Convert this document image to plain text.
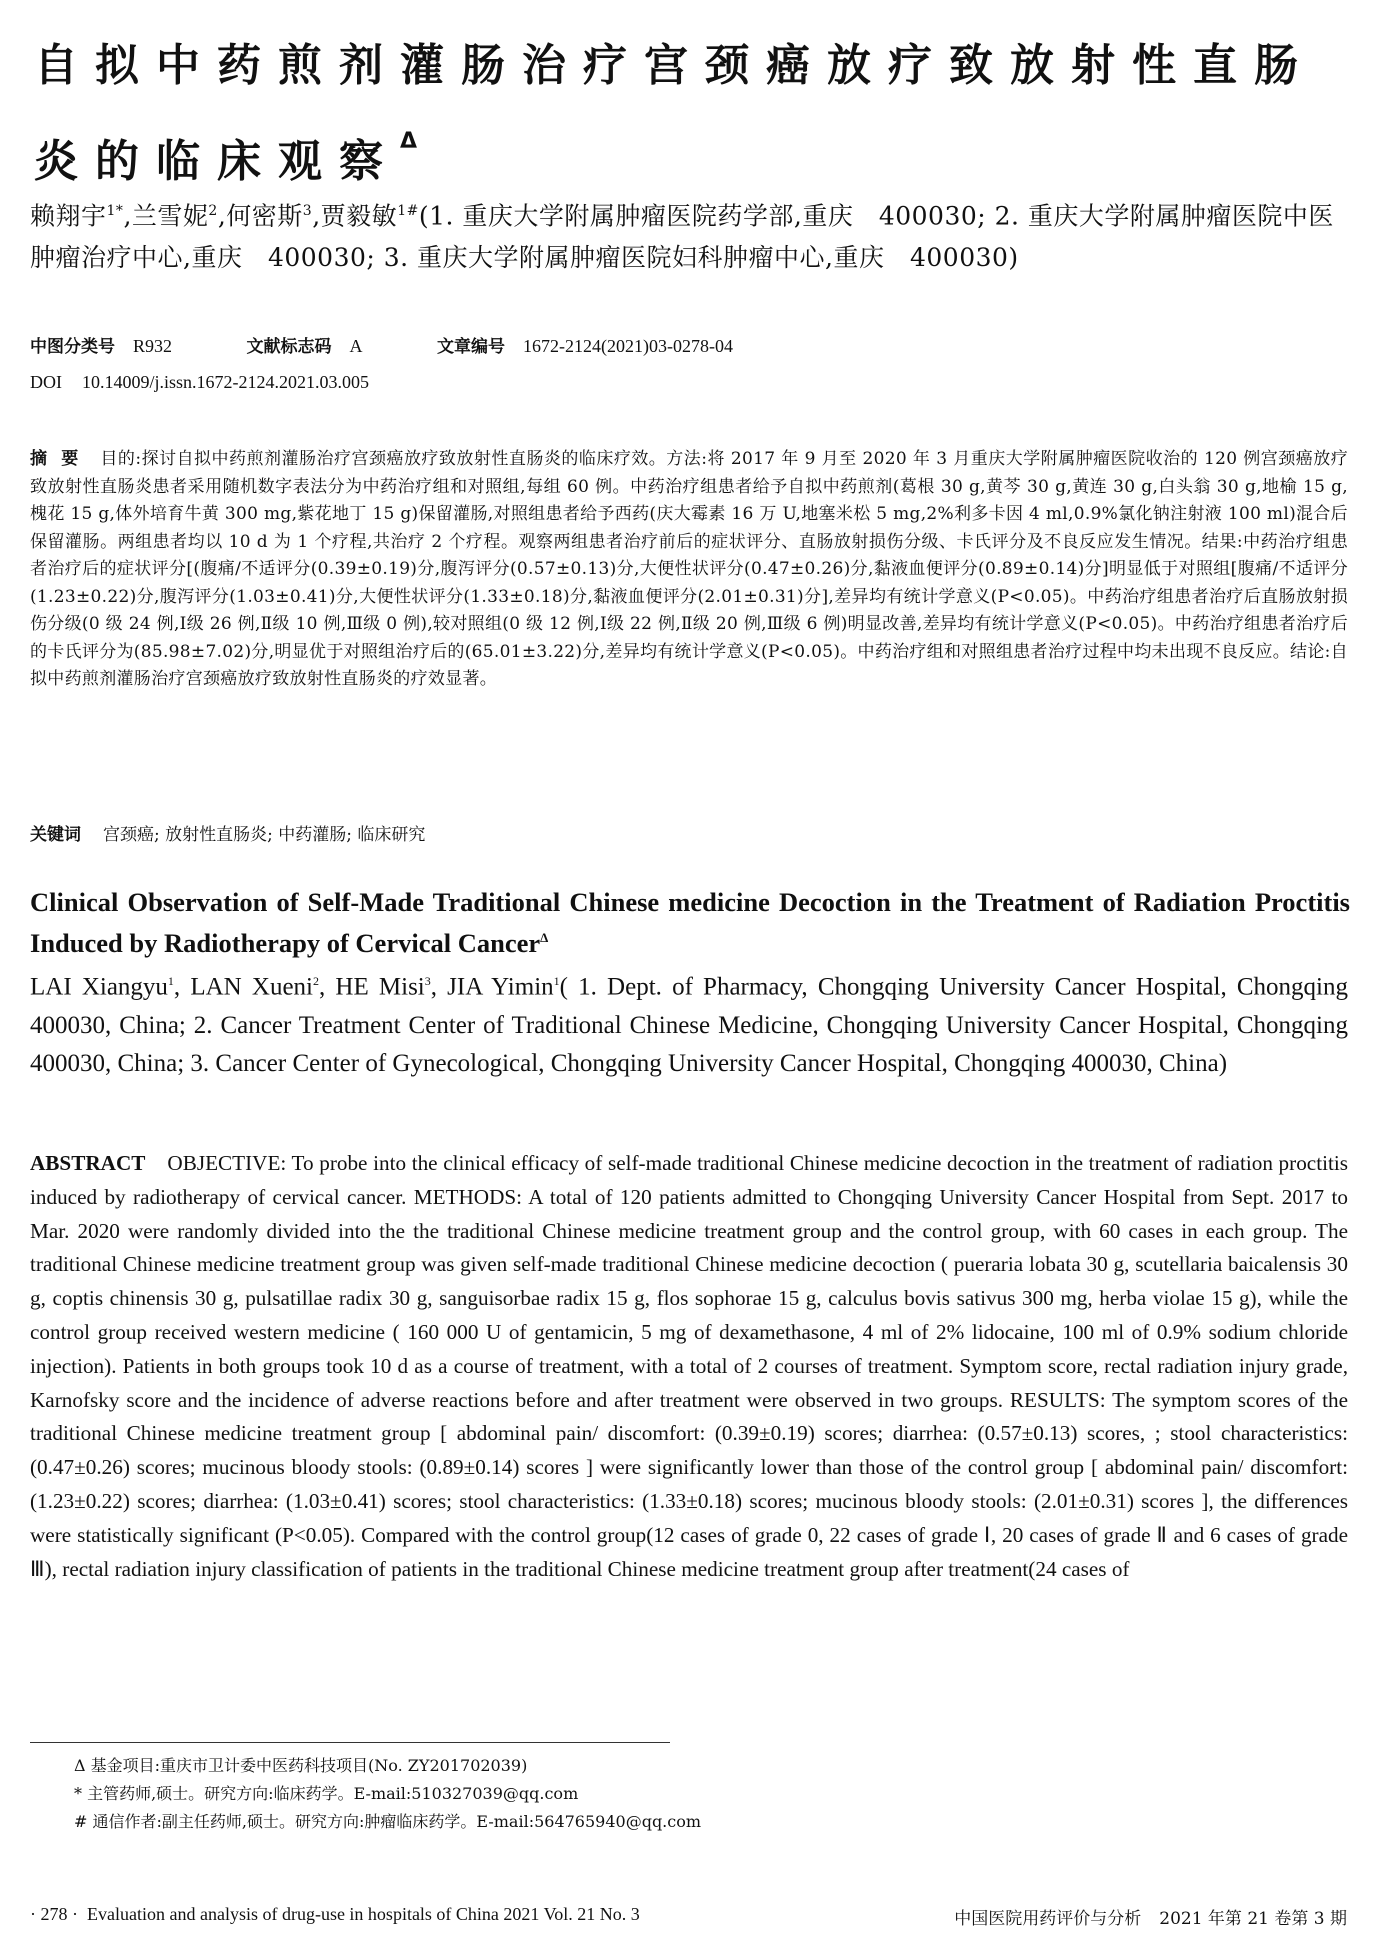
自拟中药煎剂灌肠治疗宫颈癌放疗致放射性直肠炎的临床观察$^\Delta$
赖翔宇$^{1*}$,兰雪妮$^2$,何密斯$^3$,贾毅敏$^{1\#}$(1. 重庆大学附属肿瘤医院药学部,重庆　400030; 2. 重庆大学附属肿瘤医院中医肿瘤治疗中心,重庆　400030; 3. 重庆大学附属肿瘤医院妇科肿瘤中心,重庆　400030)
中图分类号 R932	文献标志码 A	文章编号 1672-2124(2021)03-0278-04
DOI 10.14009/j.issn.1672-2124.2021.03.005
摘要 目的:探讨自拟中药煎剂灌肠治疗宫颈癌放疗致放射性直肠炎的临床疗效。方法:将 2017 年 9 月至 2020 年 3 月重庆大学附属肿瘤医院收治的 120 例宫颈癌放疗致放射性直肠炎患者采用随机数字表法分为中药治疗组和对照组,每组 60 例。中药治疗组患者给予自拟中药煎剂(葛根 30 g,黄芩 30 g,黄连 30 g,白头翁 30 g,地榆 15 g,槐花 15 g,体外培育牛黄 300 mg,紫花地丁 15 g)保留灌肠,对照组患者给予西药(庆大霉素 16 万 U,地塞米松 5 mg,2%利多卡因 4 ml,0.9%氯化钠注射液 100 ml)混合后保留灌肠。两组患者均以 10 d 为 1 个疗程,共治疗 2 个疗程。观察两组患者治疗前后的症状评分、直肠放射损伤分级、卡氏评分及不良反应发生情况。结果:中药治疗组患者治疗后的症状评分[(腹痛/不适评分(0.39±0.19)分,腹泻评分(0.57±0.13)分,大便性状评分(0.47±0.26)分,黏液血便评分(0.89±0.14)分]明显低于对照组[腹痛/不适评分(1.23±0.22)分,腹泻评分(1.03±0.41)分,大便性状评分(1.33±0.18)分,黏液血便评分(2.01±0.31)分],差异均有统计学意义(P<0.05)。中药治疗组患者治疗后直肠放射损伤分级(0 级 24 例,Ⅰ级 26 例,Ⅱ级 10 例,Ⅲ级 0 例),较对照组(0 级 12 例,Ⅰ级 22 例,Ⅱ级 20 例,Ⅲ级 6 例)明显改善,差异均有统计学意义(P<0.05)。中药治疗组患者治疗后的卡氏评分为(85.98±7.02)分,明显优于对照组治疗后的(65.01±3.22)分,差异均有统计学意义(P<0.05)。中药治疗组和对照组患者治疗过程中均未出现不良反应。结论:自拟中药煎剂灌肠治疗宫颈癌放疗致放射性直肠炎的疗效显著。
关键词 宫颈癌; 放射性直肠炎; 中药灌肠; 临床研究
Clinical Observation of Self-Made Traditional Chinese medicine Decoction in the Treatment of Radiation Proctitis Induced by Radiotherapy of Cervical Cancer$^\Delta$
LAI Xiangyu$^1$, LAN Xueni$^2$, HE Misi$^3$, JIA Yimin$^1$( 1. Dept. of Pharmacy, Chongqing University Cancer Hospital, Chongqing 400030, China; 2. Cancer Treatment Center of Traditional Chinese Medicine, Chongqing University Cancer Hospital, Chongqing 400030, China; 3. Cancer Center of Gynecological, Chongqing University Cancer Hospital, Chongqing 400030, China)
ABSTRACT OBJECTIVE: To probe into the clinical efficacy of self-made traditional Chinese medicine decoction in the treatment of radiation proctitis induced by radiotherapy of cervical cancer. METHODS: A total of 120 patients admitted to Chongqing University Cancer Hospital from Sept. 2017 to Mar. 2020 were randomly divided into the the traditional Chinese medicine treatment group and the control group, with 60 cases in each group. The traditional Chinese medicine treatment group was given self-made traditional Chinese medicine decoction ( pueraria lobata 30 g, scutellaria baicalensis 30 g, coptis chinensis 30 g, pulsatillae radix 30 g, sanguisorbae radix 15 g, flos sophorae 15 g, calculus bovis sativus 300 mg, herba violae 15 g), while the control group received western medicine ( 160 000 U of gentamicin, 5 mg of dexamethasone, 4 ml of 2% lidocaine, 100 ml of 0.9% sodium chloride injection). Patients in both groups took 10 d as a course of treatment, with a total of 2 courses of treatment. Symptom score, rectal radiation injury grade, Karnofsky score and the incidence of adverse reactions before and after treatment were observed in two groups. RESULTS: The symptom scores of the traditional Chinese medicine treatment group [ abdominal pain/ discomfort: (0.39±0.19) scores; diarrhea: (0.57±0.13) scores, ; stool characteristics: (0.47±0.26) scores; mucinous bloody stools: (0.89±0.14) scores ] were significantly lower than those of the control group [ abdominal pain/ discomfort: (1.23±0.22) scores; diarrhea: (1.03±0.41) scores; stool characteristics: (1.33±0.18) scores; mucinous bloody stools: (2.01±0.31) scores ], the differences were statistically significant (P<0.05). Compared with the control group(12 cases of grade 0, 22 cases of grade Ⅰ, 20 cases of grade Ⅱ and 6 cases of grade Ⅲ), rectal radiation injury classification of patients in the traditional Chinese medicine treatment group after treatment(24 cases of
Δ 基金项目:重庆市卫计委中医药科技项目(No. ZY201702039)
* 主管药师,硕士。研究方向:临床药学。E-mail:510327039@qq.com
# 通信作者:副主任药师,硕士。研究方向:肿瘤临床药学。E-mail:564765940@qq.com
· 278 · Evaluation and analysis of drug-use in hospitals of China 2021 Vol. 21 No. 3	中国医院用药评价与分析 2021 年第 21 卷第 3 期
